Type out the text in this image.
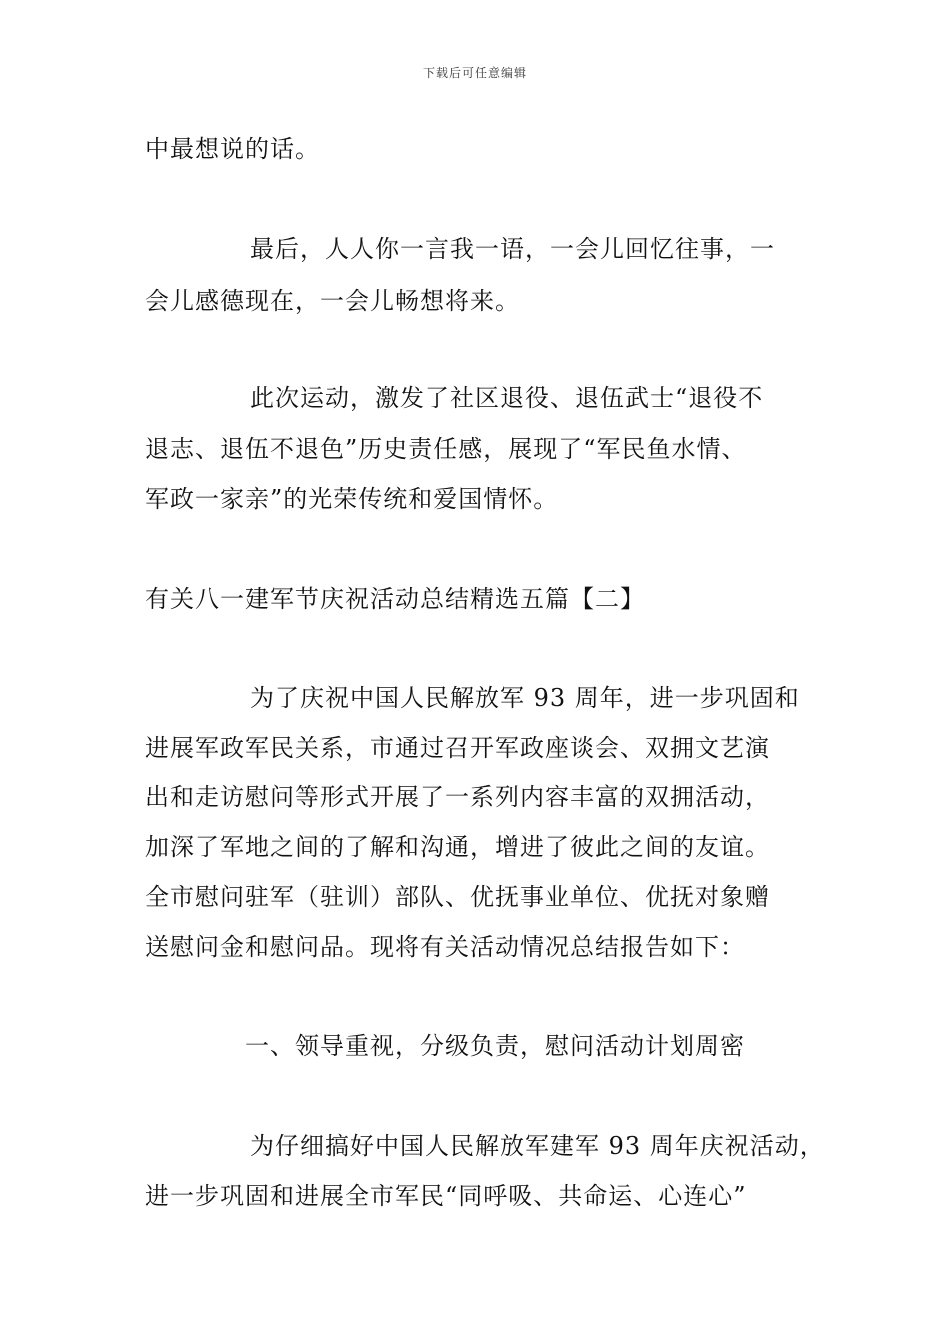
下载后可任意编辑
中最想说的话。
最后，人人你一言我一语，一会儿回忆往事，一
会儿感德现在，一会儿畅想将来。
此次运动，激发了社区退役、退伍武士“退役不
退志、退伍不退色”历史责任感，展现了“军民鱼水情、
军政一家亲”的光荣传统和爱国情怀。
有关八一建军节庆祝活动总结精选五篇【二】
为了庆祝中国人民解放军 93 周年，进一步巩固和
进展军政军民关系，市通过召开军政座谈会、双拥文艺演
出和走访慰问等形式开展了一系列内容丰富的双拥活动，
加深了军地之间的了解和沟通，增进了彼此之间的友谊。
全市慰问驻军（驻训）部队、优抚事业单位、优抚对象赠
送慰问金和慰问品。现将有关活动情况总结报告如下：
一、领导重视，分级负责，慰问活动计划周密
为仔细搞好中国人民解放军建军 93 周年庆祝活动，
进一步巩固和进展全市军民“同呼吸、共命运、心连心”
